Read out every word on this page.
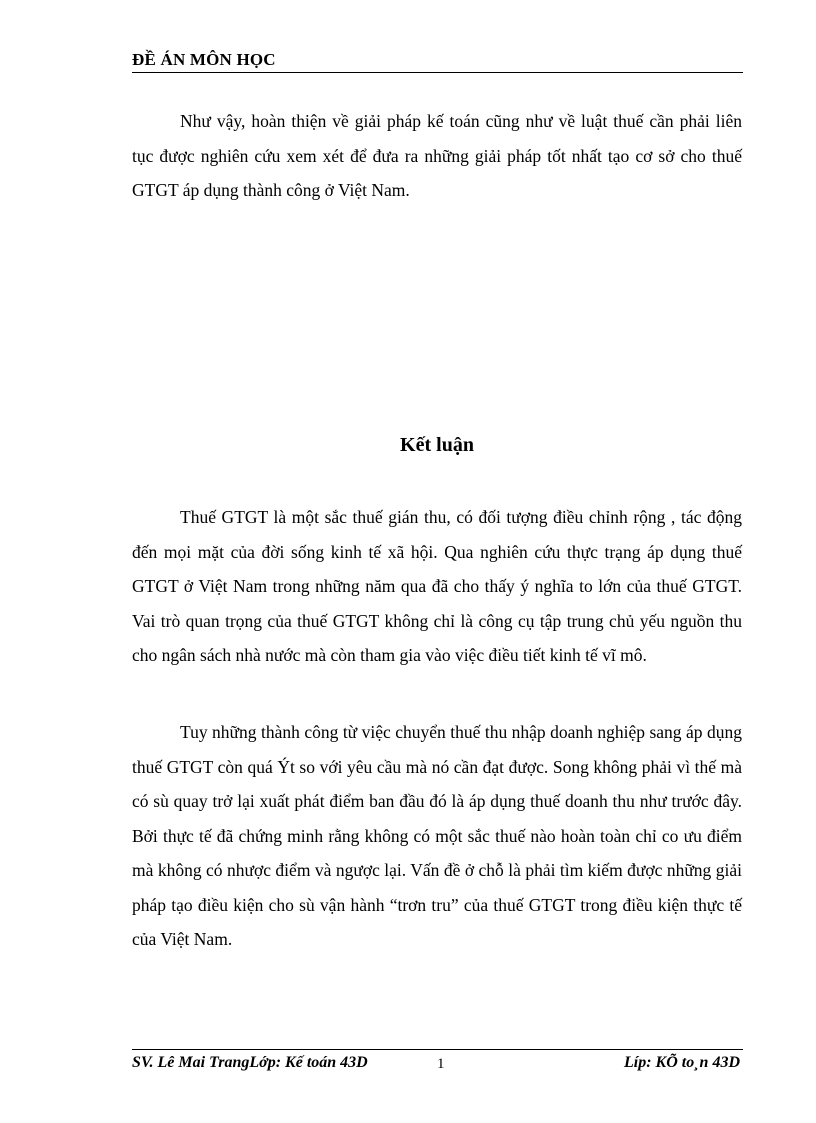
ĐỀ ÁN MÔN HỌC

Như vậy, hoàn thiện về giải pháp kế toán cũng như về luật thuế cần phải liên tục được nghiên cứu xem xét để đưa ra những giải pháp tốt nhất tạo cơ sở cho thuế GTGT áp dụng thành công ở Việt Nam.

Kết luận

Thuế GTGT là một sắc thuế gián thu, có đối tượng điều chỉnh rộng , tác động đến mọi mặt của đời sống kinh tế xã hội. Qua nghiên cứu thực trạng áp dụng thuế GTGT ở Việt Nam trong những năm qua đã cho thấy ý nghĩa to lớn của thuế GTGT. Vai trò quan trọng của thuế GTGT không chỉ là công cụ tập trung chủ yếu nguồn thu cho ngân sách nhà nước mà còn tham gia vào việc điều tiết kinh tế vĩ mô.

Tuy những thành công từ việc chuyển thuế thu nhập doanh nghiệp sang áp dụng thuế GTGT còn quá Ýt so với yêu cầu mà nó cần đạt được. Song không phải vì thế mà có sù quay trở lại xuất phát điểm ban đầu đó là áp dụng thuế doanh thu như trước đây. Bởi thực tế đã chứng minh rằng không có một sắc thuế nào hoàn toàn chỉ co ưu điểm mà không có nhược điểm và ngược lại. Vấn đề ở chỗ là phải tìm kiếm được những giải pháp tạo điều kiện cho sù vận hành “trơn tru” của thuế GTGT trong điều kiện thực tế của Việt Nam.

SV. Lê Mai TrangLớp: Kế toán 43D	1	Líp: KÕ to¸n 43D
